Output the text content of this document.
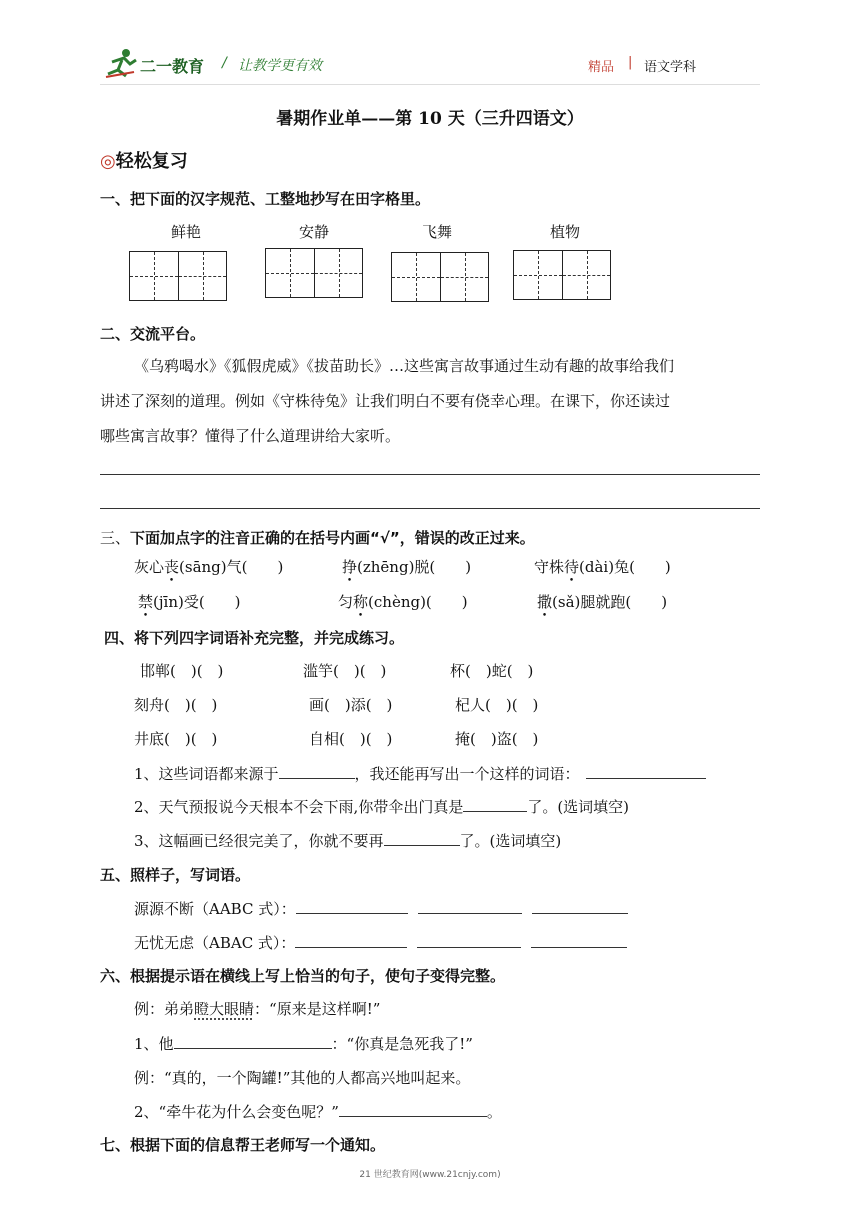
二一教育 / 让教学更有效	精品 | 语文学科
暑期作业单——第 10 天（三升四语文）
◎轻松复习
一、把下面的汉字规范、工整地抄写在田字格里。
鲜艳	安静	飞舞	植物
二、交流平台。
《乌鸦喝水》《狐假虎威》《拔苗助长》…这些寓言故事通过生动有趣的故事给我们
讲述了深刻的道理。例如《守株待兔》让我们明白不要有侥幸心理。在课下，你还读过
哪些寓言故事？懂得了什么道理讲给大家听。
三、下面加点字的注音正确的在括号内画“√”，错误的改正过来。
灰心丧(sāng)气(　　)	挣(zhēng)脱(　　)	守株待(dài)兔(　　)
禁(jīn)受(　　)	匀称(chèng)(　　)	撒(sǎ)腿就跑(　　)
四、将下列四字词语补充完整，并完成练习。
邯郸(　)(　)	滥竽(　)(　)	杯(　)蛇(　)
刻舟(　)(　)	画(　)添(　)	杞人(　)(　)
井底(　)(　)	自相(　)(　)	掩(　)盗(　)
1、这些词语都来源于	，我还能再写出一个这样的词语：
2、天气预报说今天根本不会下雨,你带伞出门真是	了。(选词填空)
3、这幅画已经很完美了，你就不要再	了。(选词填空)
五、照样子，写词语。
源源不断（AABC 式）：
无忧无虑（ABAC 式）：
六、根据提示语在横线上写上恰当的句子，使句子变得完整。
例：弟弟瞪大眼睛：“原来是这样啊!”
1、他	：“你真是急死我了!”
例：“真的，一个陶罐!”其他的人都高兴地叫起来。
2、“牵牛花为什么会变色呢？”	。
七、根据下面的信息帮王老师写一个通知。
21 世纪教育网(www.21cnjy.com)
